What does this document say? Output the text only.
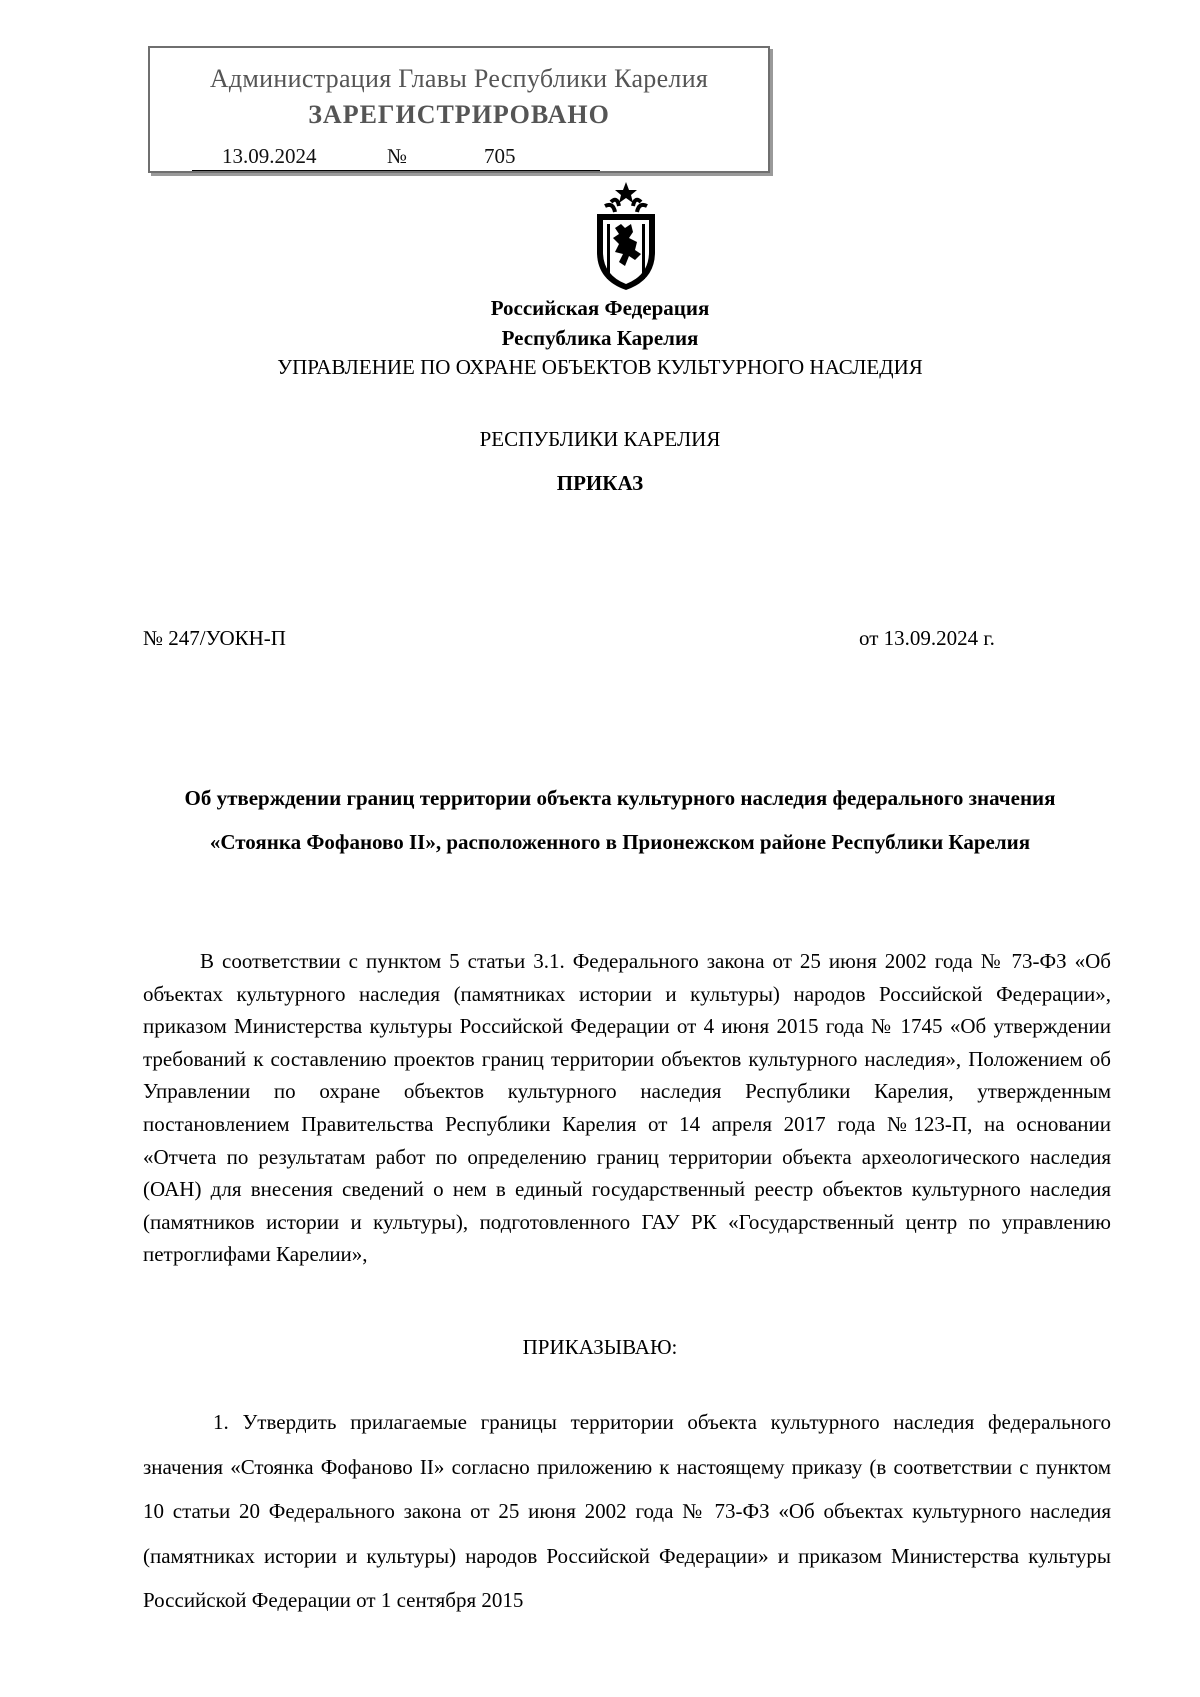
Администрация Главы Республики Карелия
ЗАРЕГИСТРИРОВАНО
13.09.2024	№	705
Российская Федерация
Республика Карелия
УПРАВЛЕНИЕ ПО ОХРАНЕ ОБЪЕКТОВ КУЛЬТУРНОГО НАСЛЕДИЯ
РЕСПУБЛИКИ КАРЕЛИЯ
ПРИКАЗ
№ 247/УОКН-П	от 13.09.2024 г.
Об утверждении границ территории объекта культурного наследия федерального значения «Стоянка Фофаново II», расположенного в Прионежском районе Республики Карелия

В соответствии с пунктом 5 статьи 3.1. Федерального закона от 25 июня 2002 года № 73-ФЗ «Об объектах культурного наследия (памятниках истории и культуры) народов Российской Федерации», приказом Министерства культуры Российской Федерации от 4 июня 2015 года № 1745 «Об утверждении требований к составлению проектов границ территории объектов культурного наследия», Положением об Управлении по охране объектов культурного наследия Республики Карелия, утвержденным постановлением Правительства Республики Карелия от 14 апреля 2017 года №123-П, на основании «Отчета по результатам работ по определению границ территории объекта археологического наследия (ОАН) для внесения сведений о нем в единый государственный реестр объектов культурного наследия (памятников истории и культуры), подготовленного ГАУ РК «Государственный центр по управлению петроглифами Карелии»,

ПРИКАЗЫВАЮ:

1. Утвердить прилагаемые границы территории объекта культурного наследия федерального значения «Стоянка Фофаново II» согласно приложению к настоящему приказу (в соответствии с пунктом 10 статьи 20 Федерального закона от 25 июня 2002 года № 73-ФЗ «Об объектах культурного наследия (памятниках истории и культуры) народов Российской Федерации» и приказом Министерства культуры Российской Федерации от 1 сентября 2015
